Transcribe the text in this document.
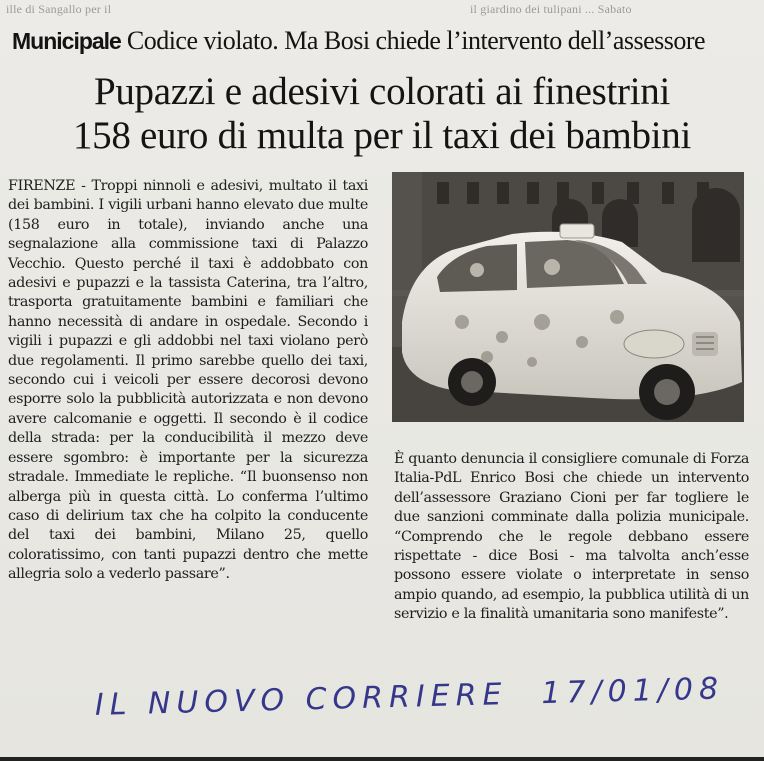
ille di Sangallo per il	il giardino dei tulipani ... Sabato
Municipale Codice violato. Ma Bosi chiede l’intervento dell’assessore
Pupazzi e adesivi colorati ai finestrini
158 euro di multa per il taxi dei bambini
FIRENZE - Troppi ninnoli e adesivi, multato il taxi dei bambini. I vigili urbani hanno elevato due multe (158 euro in totale), inviando anche una segnalazione alla commissione taxi di Palazzo Vecchio. Questo perché il taxi è addobbato con adesivi e pupazzi e la tassista Caterina, tra l’altro, trasporta gratuitamente bambini e familiari che hanno necessità di andare in ospedale. Secondo i vigili i pupazzi e gli addobbi nel taxi violano però due regolamenti. Il primo sarebbe quello dei taxi, secondo cui i veicoli per essere decorosi devono esporre solo la pubblicità autorizzata e non devono avere calcomanie e oggetti. Il secondo è il codice della strada: per la conducibilità il mezzo deve essere sgombro: è importante per la sicurezza stradale. Immediate le repliche. “Il buonsenso non alberga più in questa città. Lo conferma l’ultimo caso di delirium tax che ha colpito la conducente del taxi dei bambini, Milano 25, quello coloratissimo, con tanti pupazzi dentro che mette allegria solo a vederlo passare”.
È quanto denuncia il consigliere comunale di Forza Italia-PdL Enrico Bosi che chiede un intervento dell’assessore Graziano Cioni per far togliere le due sanzioni comminate dalla polizia municipale. “Comprendo che le regole debbano essere rispettate - dice Bosi - ma talvolta anch’esse possono essere violate o interpretate in senso ampio quando, ad esempio, la pubblica utilità di un servizio e la finalità umanitaria sono manifeste”.
IL NUOVO CORRIERE 17/01/08
